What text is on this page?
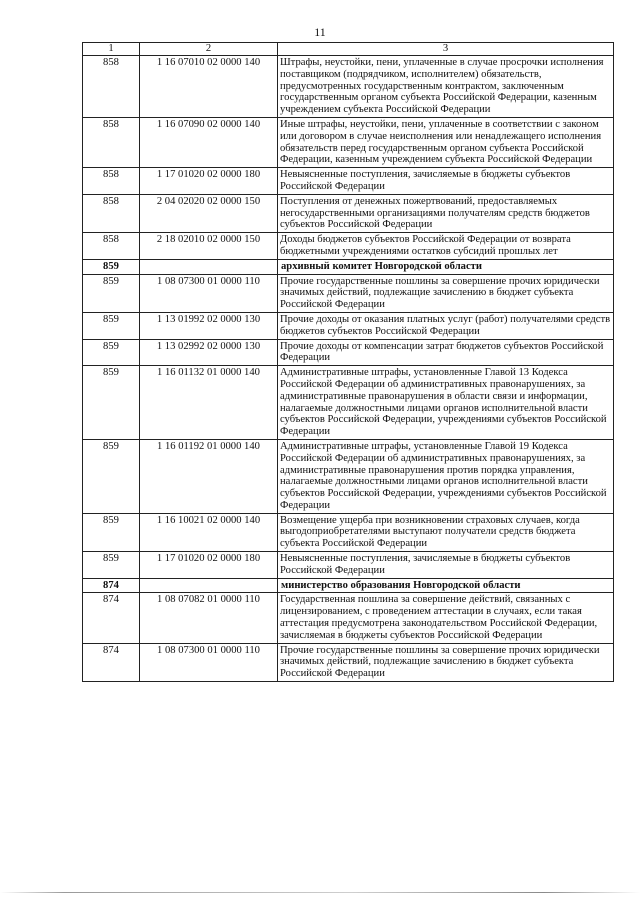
11
1	2	3
858	1 16 07010 02 0000 140	Штрафы, неустойки, пени, уплаченные в случае просрочки исполнения поставщиком (подрядчиком, исполнителем) обязательств, предусмотренных государственным контрактом, заключенным государственным органом субъекта Российской Федерации, казенным учреждением субъекта Российской Федерации
858	1 16 07090 02 0000 140	Иные штрафы, неустойки, пени, уплаченные в соответствии с законом или договором в случае неисполнения или ненадлежащего исполнения обязательств перед государственным органом субъекта Российской Федерации, казенным учреждением субъекта Российской Федерации
858	1 17 01020 02 0000 180	Невыясненные поступления, зачисляемые в бюджеты субъектов Российской Федерации
858	2 04 02020 02 0000 150	Поступления от денежных пожертвований, предоставляемых негосударственными организациями получателям средств бюджетов субъектов Российской Федерации
858	2 18 02010 02 0000 150	Доходы бюджетов субъектов Российской Федерации от возврата бюджетными учреждениями остатков субсидий прошлых лет
859		архивный комитет Новгородской области
859	1 08 07300 01 0000 110	Прочие государственные пошлины за совершение прочих юридически значимых действий, подлежащие зачислению в бюджет субъекта Российской Федерации
859	1 13 01992 02 0000 130	Прочие доходы от оказания платных услуг (работ) получателями средств бюджетов субъектов Российской Федерации
859	1 13 02992 02 0000 130	Прочие доходы от компенсации затрат бюджетов субъектов Российской Федерации
859	1 16 01132 01 0000 140	Административные штрафы, установленные Главой 13 Кодекса Российской Федерации об административных правонарушениях, за административные правонарушения в области связи и информации, налагаемые должностными лицами органов исполнительной власти субъектов Российской Федерации, учреждениями субъектов Российской Федерации
859	1 16 01192 01 0000 140	Административные штрафы, установленные Главой 19 Кодекса Российской Федерации об административных правонарушениях, за административные правонарушения против порядка управления, налагаемые должностными лицами органов исполнительной власти субъектов Российской Федерации, учреждениями субъектов Российской Федерации
859	1 16 10021 02 0000 140	Возмещение ущерба при возникновении страховых случаев, когда выгодоприобретателями выступают получатели средств бюджета субъекта Российской Федерации
859	1 17 01020 02 0000 180	Невыясненные поступления, зачисляемые в бюджеты субъектов Российской Федерации
874		министерство образования Новгородской области
874	1 08 07082 01 0000 110	Государственная пошлина за совершение действий, связанных с лицензированием, с проведением аттестации в случаях, если такая аттестация предусмотрена законодательством Российской Федерации, зачисляемая в бюджеты субъектов Российской Федерации
874	1 08 07300 01 0000 110	Прочие государственные пошлины за совершение прочих юридически значимых действий, подлежащие зачислению в бюджет субъекта Российской Федерации
